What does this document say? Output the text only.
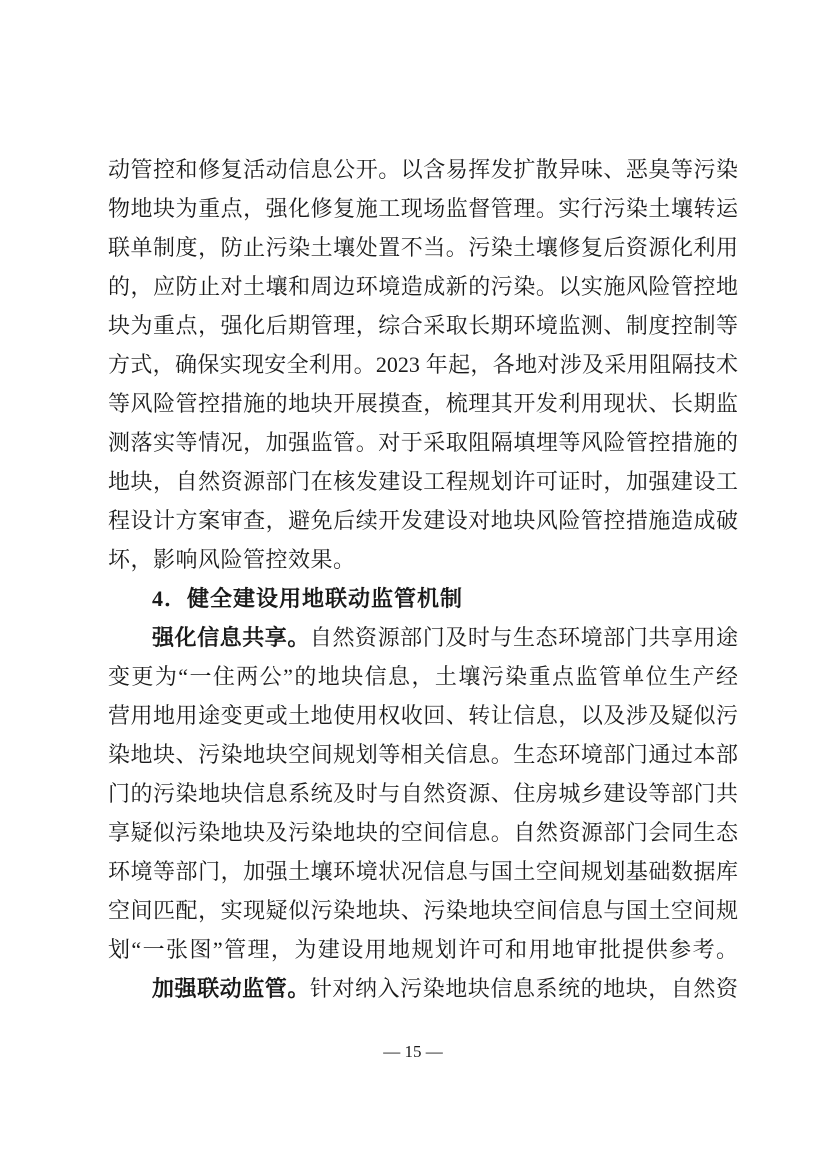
动管控和修复活动信息公开。以含易挥发扩散异味、恶臭等污染
物地块为重点，强化修复施工现场监督管理。实行污染土壤转运
联单制度，防止污染土壤处置不当。污染土壤修复后资源化利用
的，应防止对土壤和周边环境造成新的污染。以实施风险管控地
块为重点，强化后期管理，综合采取长期环境监测、制度控制等
方式，确保实现安全利用。2023 年起，各地对涉及采用阻隔技术
等风险管控措施的地块开展摸查，梳理其开发利用现状、长期监
测落实等情况，加强监管。对于采取阻隔填埋等风险管控措施的
地块，自然资源部门在核发建设工程规划许可证时，加强建设工
程设计方案审查，避免后续开发建设对地块风险管控措施造成破
坏，影响风险管控效果。
4．健全建设用地联动监管机制
强化信息共享。自然资源部门及时与生态环境部门共享用途
变更为“一住两公”的地块信息，土壤污染重点监管单位生产经
营用地用途变更或土地使用权收回、转让信息，以及涉及疑似污
染地块、污染地块空间规划等相关信息。生态环境部门通过本部
门的污染地块信息系统及时与自然资源、住房城乡建设等部门共
享疑似污染地块及污染地块的空间信息。自然资源部门会同生态
环境等部门，加强土壤环境状况信息与国土空间规划基础数据库
空间匹配，实现疑似污染地块、污染地块空间信息与国土空间规
划“一张图”管理，为建设用地规划许可和用地审批提供参考。
加强联动监管。针对纳入污染地块信息系统的地块，自然资
— 15 —
